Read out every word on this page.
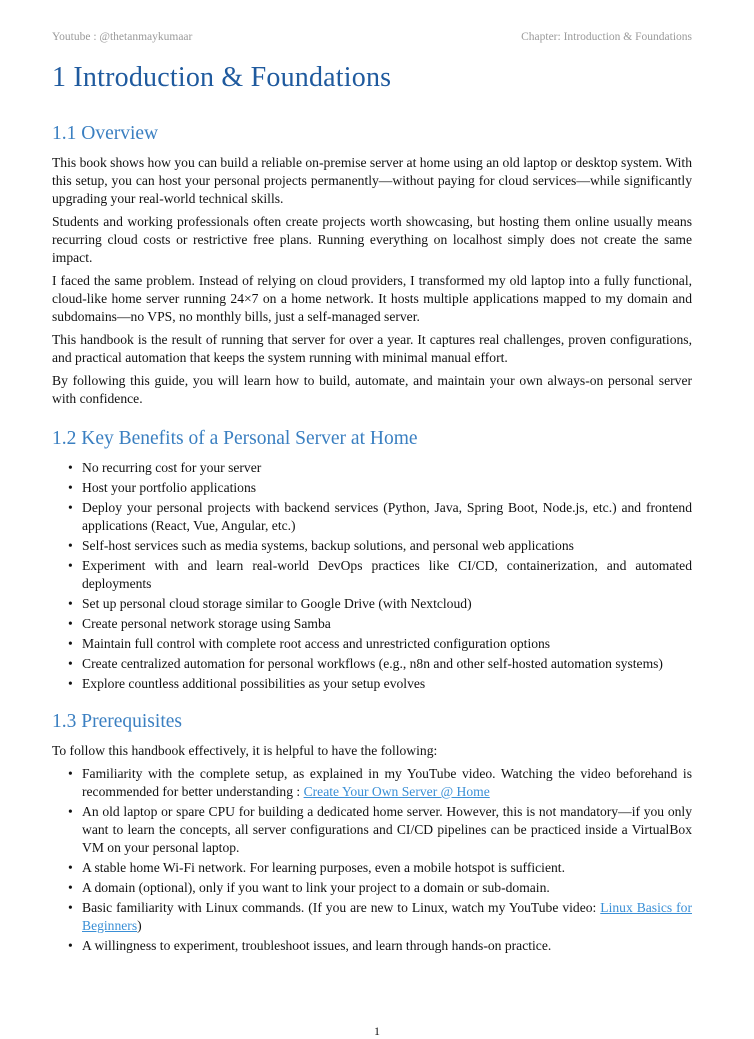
Youtube : @thetanmaykumaar	Chapter: Introduction & Foundations
1 Introduction & Foundations
1.1 Overview

This book shows how you can build a reliable on-premise server at home using an old laptop or desktop system. With this setup, you can host your personal projects permanently—without paying for cloud services—while significantly upgrading your real-world technical skills.

Students and working professionals often create projects worth showcasing, but hosting them online usually means recurring cloud costs or restrictive free plans. Running everything on localhost simply does not create the same impact.

I faced the same problem. Instead of relying on cloud providers, I transformed my old laptop into a fully functional, cloud-like home server running 24×7 on a home network. It hosts multiple applications mapped to my domain and subdomains—no VPS, no monthly bills, just a self-managed server.

This handbook is the result of running that server for over a year. It captures real challenges, proven configurations, and practical automation that keeps the system running with minimal manual effort.

By following this guide, you will learn how to build, automate, and maintain your own always-on personal server with confidence.

1.2 Key Benefits of a Personal Server at Home
• No recurring cost for your server
• Host your portfolio applications
• Deploy your personal projects with backend services (Python, Java, Spring Boot, Node.js, etc.) and frontend applications (React, Vue, Angular, etc.)
• Self-host services such as media systems, backup solutions, and personal web applications
• Experiment with and learn real-world DevOps practices like CI/CD, containerization, and automated deployments
• Set up personal cloud storage similar to Google Drive (with Nextcloud)
• Create personal network storage using Samba
• Maintain full control with complete root access and unrestricted configuration options
• Create centralized automation for personal workflows (e.g., n8n and other self-hosted automation systems)
• Explore countless additional possibilities as your setup evolves
1.3 Prerequisites

To follow this handbook effectively, it is helpful to have the following:

• Familiarity with the complete setup, as explained in my YouTube video. Watching the video beforehand is recommended for better understanding : Create Your Own Server @ Home
• An old laptop or spare CPU for building a dedicated home server. However, this is not mandatory—if you only want to learn the concepts, all server configurations and CI/CD pipelines can be practiced inside a VirtualBox VM on your personal laptop.
• A stable home Wi-Fi network. For learning purposes, even a mobile hotspot is sufficient.
• A domain (optional), only if you want to link your project to a domain or sub-domain.
• Basic familiarity with Linux commands. (If you are new to Linux, watch my YouTube video: Linux Basics for Beginners)
• A willingness to experiment, troubleshoot issues, and learn through hands-on practice.
1
